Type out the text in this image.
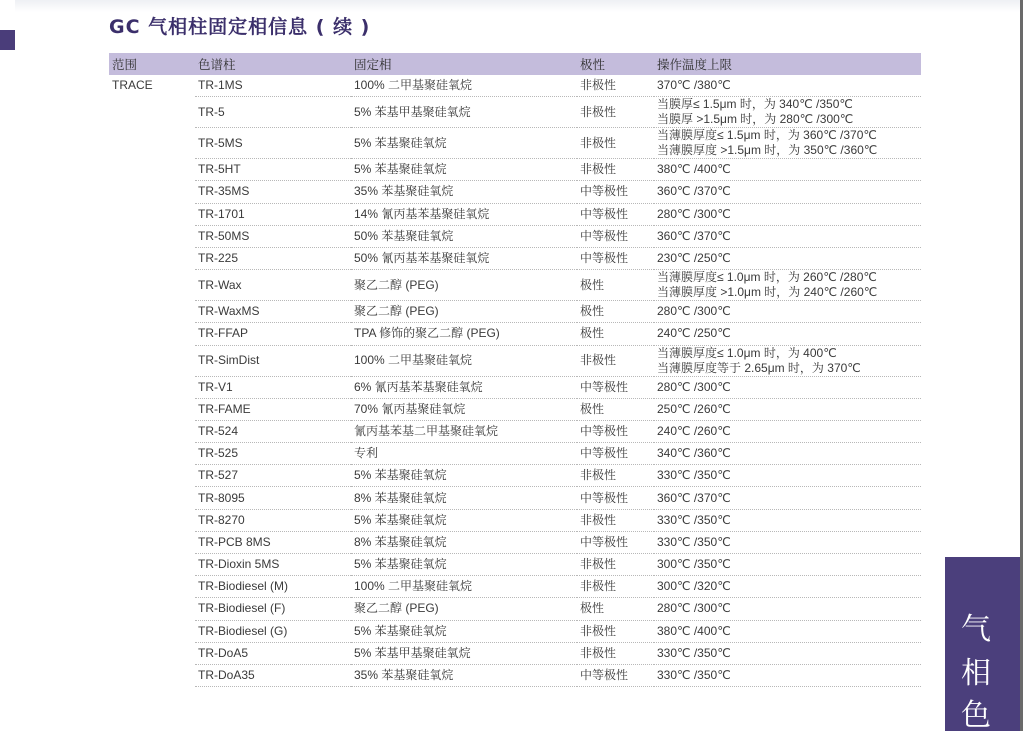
GC 气相柱固定相信息 ( 续 )
范围	色谱柱	固定相	极性	操作温度上限
TRACE	TR-1MS	100% 二甲基聚硅氧烷	非极性	370℃ /380℃

	TR-5	5% 苯基甲基聚硅氧烷	非极性	当膜厚≤ 1.5μm 时，为 340℃ /350℃
当膜厚 >1.5μm 时，为 280℃ /300℃

	TR-5MS	5% 苯基聚硅氧烷	非极性	当薄膜厚度≤ 1.5μm 时，为 360℃ /370℃
当薄膜厚度 >1.5μm 时，为 350℃ /360℃

	TR-5HT	5% 苯基聚硅氧烷	非极性	380℃ /400℃

	TR-35MS	35% 苯基聚硅氧烷	中等极性	360℃ /370℃

	TR-1701	14% 氰丙基苯基聚硅氧烷	中等极性	280℃ /300℃

	TR-50MS	50% 苯基聚硅氧烷	中等极性	360℃ /370℃

	TR-225	50% 氰丙基苯基聚硅氧烷	中等极性	230℃ /250℃

	TR-Wax	聚乙二醇 (PEG)	极性	当薄膜厚度≤ 1.0μm 时，为 260℃ /280℃
当薄膜厚度 >1.0μm 时，为 240℃ /260℃

	TR-WaxMS	聚乙二醇 (PEG)	极性	280℃ /300℃

	TR-FFAP	TPA 修饰的聚乙二醇 (PEG)	极性	240℃ /250℃

	TR-SimDist	100% 二甲基聚硅氧烷	非极性	当薄膜厚度≤ 1.0μm 时，为 400℃
当薄膜厚度等于 2.65μm 时，为 370℃

	TR-V1	6% 氰丙基苯基聚硅氧烷	中等极性	280℃ /300℃

	TR-FAME	70% 氰丙基聚硅氧烷	极性	250℃ /260℃

	TR-524	氰丙基苯基二甲基聚硅氧烷	中等极性	240℃ /260℃

	TR-525	专利	中等极性	340℃ /360℃

	TR-527	5% 苯基聚硅氧烷	非极性	330℃ /350℃

	TR-8095	8% 苯基聚硅氧烷	中等极性	360℃ /370℃

	TR-8270	5% 苯基聚硅氧烷	非极性	330℃ /350℃

	TR-PCB 8MS	8% 苯基聚硅氧烷	中等极性	330℃ /350℃

	TR-Dioxin 5MS	5% 苯基聚硅氧烷	非极性	300℃ /350℃

	TR-Biodiesel (M)	100% 二甲基聚硅氧烷	非极性	300℃ /320℃

	TR-Biodiesel (F)	聚乙二醇 (PEG)	极性	280℃ /300℃

	TR-Biodiesel (G)	5% 苯基聚硅氧烷	非极性	380℃ /400℃

	TR-DoA5	5% 苯基甲基聚硅氧烷	非极性	330℃ /350℃

	TR-DoA35	35% 苯基聚硅氧烷	中等极性	330℃ /350℃
气
相
色
